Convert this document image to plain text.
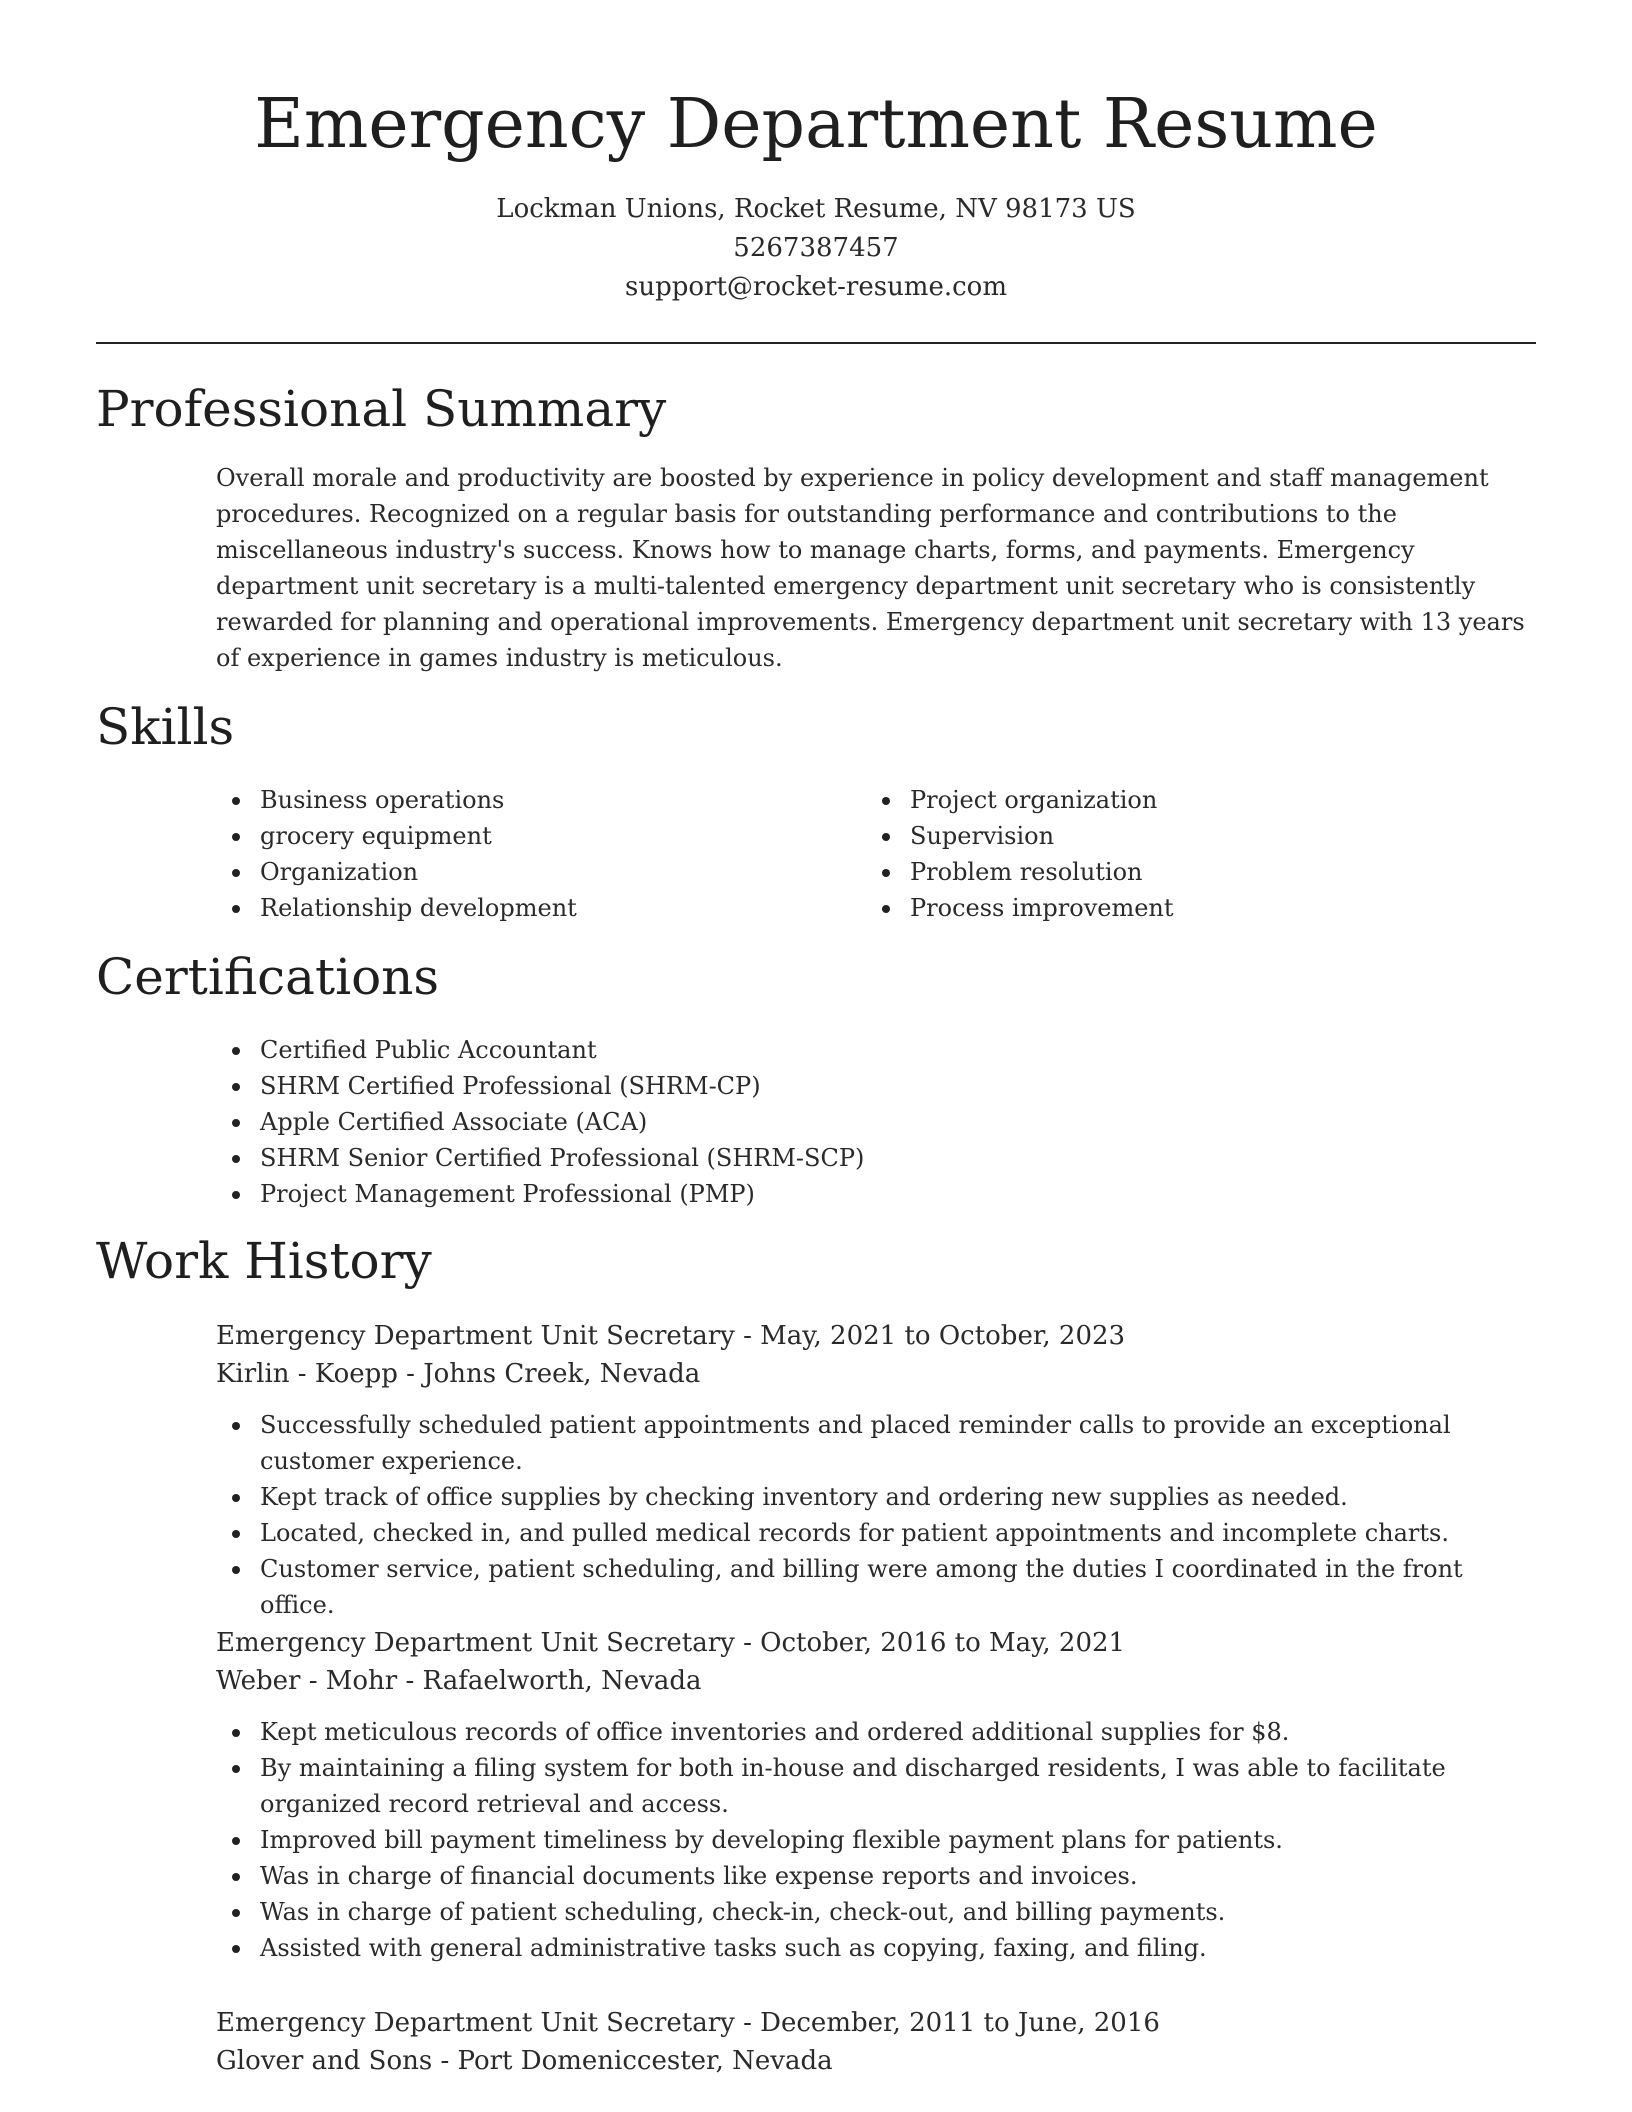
Emergency Department Resume
Lockman Unions, Rocket Resume, NV 98173 US
5267387457
support@rocket-resume.com
Professional Summary

Overall morale and productivity are boosted by experience in policy development and staff management procedures. Recognized on a regular basis for outstanding performance and contributions to the miscellaneous industry's success. Knows how to manage charts, forms, and payments. Emergency department unit secretary is a multi-talented emergency department unit secretary who is consistently rewarded for planning and operational improvements. Emergency department unit secretary with 13 years of experience in games industry is meticulous.

Skills
Business operations
grocery equipment
Organization
Relationship development
Project organization
Supervision
Problem resolution
Process improvement
Certifications
Certified Public Accountant
SHRM Certified Professional (SHRM-CP)
Apple Certified Associate (ACA)
SHRM Senior Certified Professional (SHRM-SCP)
Project Management Professional (PMP)
Work History
Emergency Department Unit Secretary - May, 2021 to October, 2023
Kirlin - Koepp - Johns Creek, Nevada
Successfully scheduled patient appointments and placed reminder calls to provide an exceptional customer experience.
Kept track of office supplies by checking inventory and ordering new supplies as needed.
Located, checked in, and pulled medical records for patient appointments and incomplete charts.
Customer service, patient scheduling, and billing were among the duties I coordinated in the front office.
Emergency Department Unit Secretary - October, 2016 to May, 2021
Weber - Mohr - Rafaelworth, Nevada
Kept meticulous records of office inventories and ordered additional supplies for $8.
By maintaining a filing system for both in-house and discharged residents, I was able to facilitate organized record retrieval and access.
Improved bill payment timeliness by developing flexible payment plans for patients.
Was in charge of financial documents like expense reports and invoices.
Was in charge of patient scheduling, check-in, check-out, and billing payments.
Assisted with general administrative tasks such as copying, faxing, and filing.
Emergency Department Unit Secretary - December, 2011 to June, 2016
Glover and Sons - Port Domeniccester, Nevada
